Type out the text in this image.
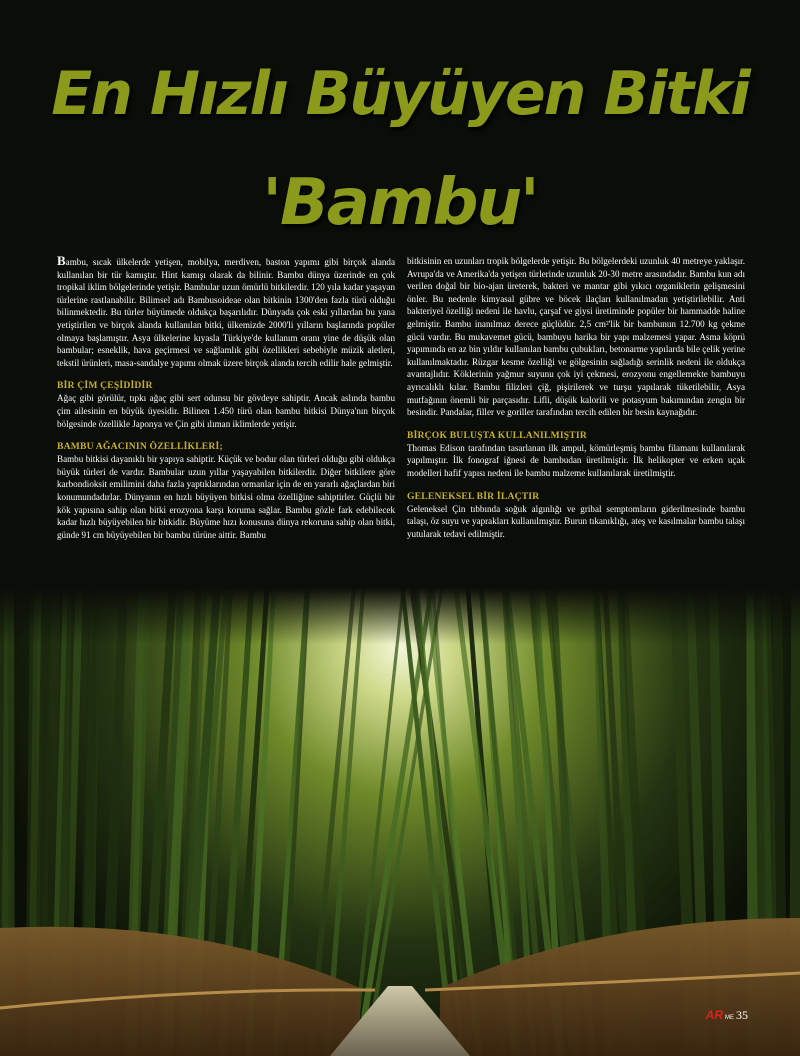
En Hızlı Büyüyen Bitki
'Bambu'

Bambu, sıcak ülkelerde yetişen, mobilya, merdiven, baston yapımı gibi birçok alanda kullanılan bir tür kamıştır. Hint kamışı olarak da bilinir. Bambu dünya üzerinde en çok tropikal iklim bölgelerinde yetişir. Bambular uzun ömürlü bitkilerdir. 120 yıla kadar yaşayan türlerine rastlanabilir. Bilimsel adı Bambusoideae olan bitkinin 1300'den fazla türü olduğu bilinmektedir. Bu türler büyümede oldukça başarılıdır. Dünyada çok eski yıllardan bu yana yetiştirilen ve birçok alanda kullanılan bitki, ülkemizde 2000'li yılların başlarında popüler olmaya başlamıştır. Asya ülkelerine kıyasla Türkiye'de kullanım oranı yine de düşük olan bambular; esneklik, hava geçirmesi ve sağlamlık gibi özellikleri sebebiyle müzik aletleri, tekstil ürünleri, masa-sandalye yapımı olmak üzere birçok alanda tercih edilir hale gelmiştir.

BİR ÇİM ÇEŞİDİDİR

Ağaç gibi görülür, tıpkı ağaç gibi sert odunsu bir gövdeye sahiptir. Ancak aslında bambu çim ailesinin en büyük üyesidir. Bilinen 1.450 türü olan bambu bitkisi Dünya'nın birçok bölgesinde özellikle Japonya ve Çin gibi ılıman iklimlerde yetişir.

BAMBU AĞACININ ÖZELLİKLERİ;

Bambu bitkisi dayanıklı bir yapıya sahiptir. Küçük ve bodur olan türleri olduğu gibi oldukça büyük türleri de vardır. Bambular uzun yıllar yaşayabilen bitkilerdir. Diğer bitkilere göre karbondioksit emilimini daha fazla yaptıklarından ormanlar için de en yararlı ağaçlardan biri konumundadırlar. Dünyanın en hızlı büyüyen bitkisi olma özelliğine sahiptirler. Güçlü bir kök yapısına sahip olan bitki erozyona karşı koruma sağlar. Bambu gözle fark edebilecek kadar hızlı büyüyebilen bir bitkidir. Büyüme hızı konusuna dünya rekoruna sahip olan bitki, günde 91 cm büyüyebilen bir bambu türüne aittir. Bambu

bitkisinin en uzunları tropik bölgelerde yetişir. Bu bölgelerdeki uzunluk 40 metreye yaklaşır. Avrupa'da ve Amerika'da yetişen türlerinde uzunluk 20-30 metre arasındadır. Bambu kun adı verilen doğal bir bio-ajan üreterek, bakteri ve mantar gibi yıkıcı organiklerin gelişmesini önler. Bu nedenle kimyasal gübre ve böcek ilaçları kullanılmadan yetiştirilebilir. Anti bakteriyel özelliği nedeni ile havlu, çarşaf ve giysi üretiminde popüler bir hammadde haline gelmiştir. Bambu inanılmaz derece güçlüdür. 2,5 cm²'lik bir bambunun 12.700 kg çekme gücü vardır. Bu mukavemet gücü, bambuyu harika bir yapı malzemesi yapar. Asma köprü yapımında en az bin yıldır kullanılan bambu çubukları, betonarme yapılarda bile çelik yerine kullanılmaktadır. Rüzgar kesme özelliği ve gölgesinin sağladığı serinlik nedeni ile oldukça avantajlıdır. Köklerinin yağmur suyunu çok iyi çekmesi, erozyonu engellemekte bambuyu ayrıcalıklı kılar. Bambu filizleri çiğ, pişirilerek ve turşu yapılarak tüketilebilir, Asya mutfağının önemli bir parçasıdır. Lifli, düşük kalorili ve potasyum bakımından zengin bir besindir. Pandalar, filler ve goriller tarafından tercih edilen bir besin kaynağıdır.

BİRÇOK BULUŞTA KULLANILMIŞTIR

Thomas Edison tarafından tasarlanan ilk ampul, kömürleşmiş bambu filamanı kullanılarak yapılmıştır. İlk fonograf iğnesi de bambudan üretilmiştir. İlk helikopter ve erken uçak modelleri hafif yapısı nedeni ile bambu malzeme kullanılarak üretilmiştir.

GELENEKSEL BİR İLAÇTIR

Geleneksel Çin tıbbında soğuk algınlığı ve gribal semptomların giderilmesinde bambu talaşı, öz suyu ve yaprakları kullanılmıştır. Burun tıkanıklığı, ateş ve kasılmalar bambu talaşı yutularak tedavi edilmiştir.

AR ME 35
